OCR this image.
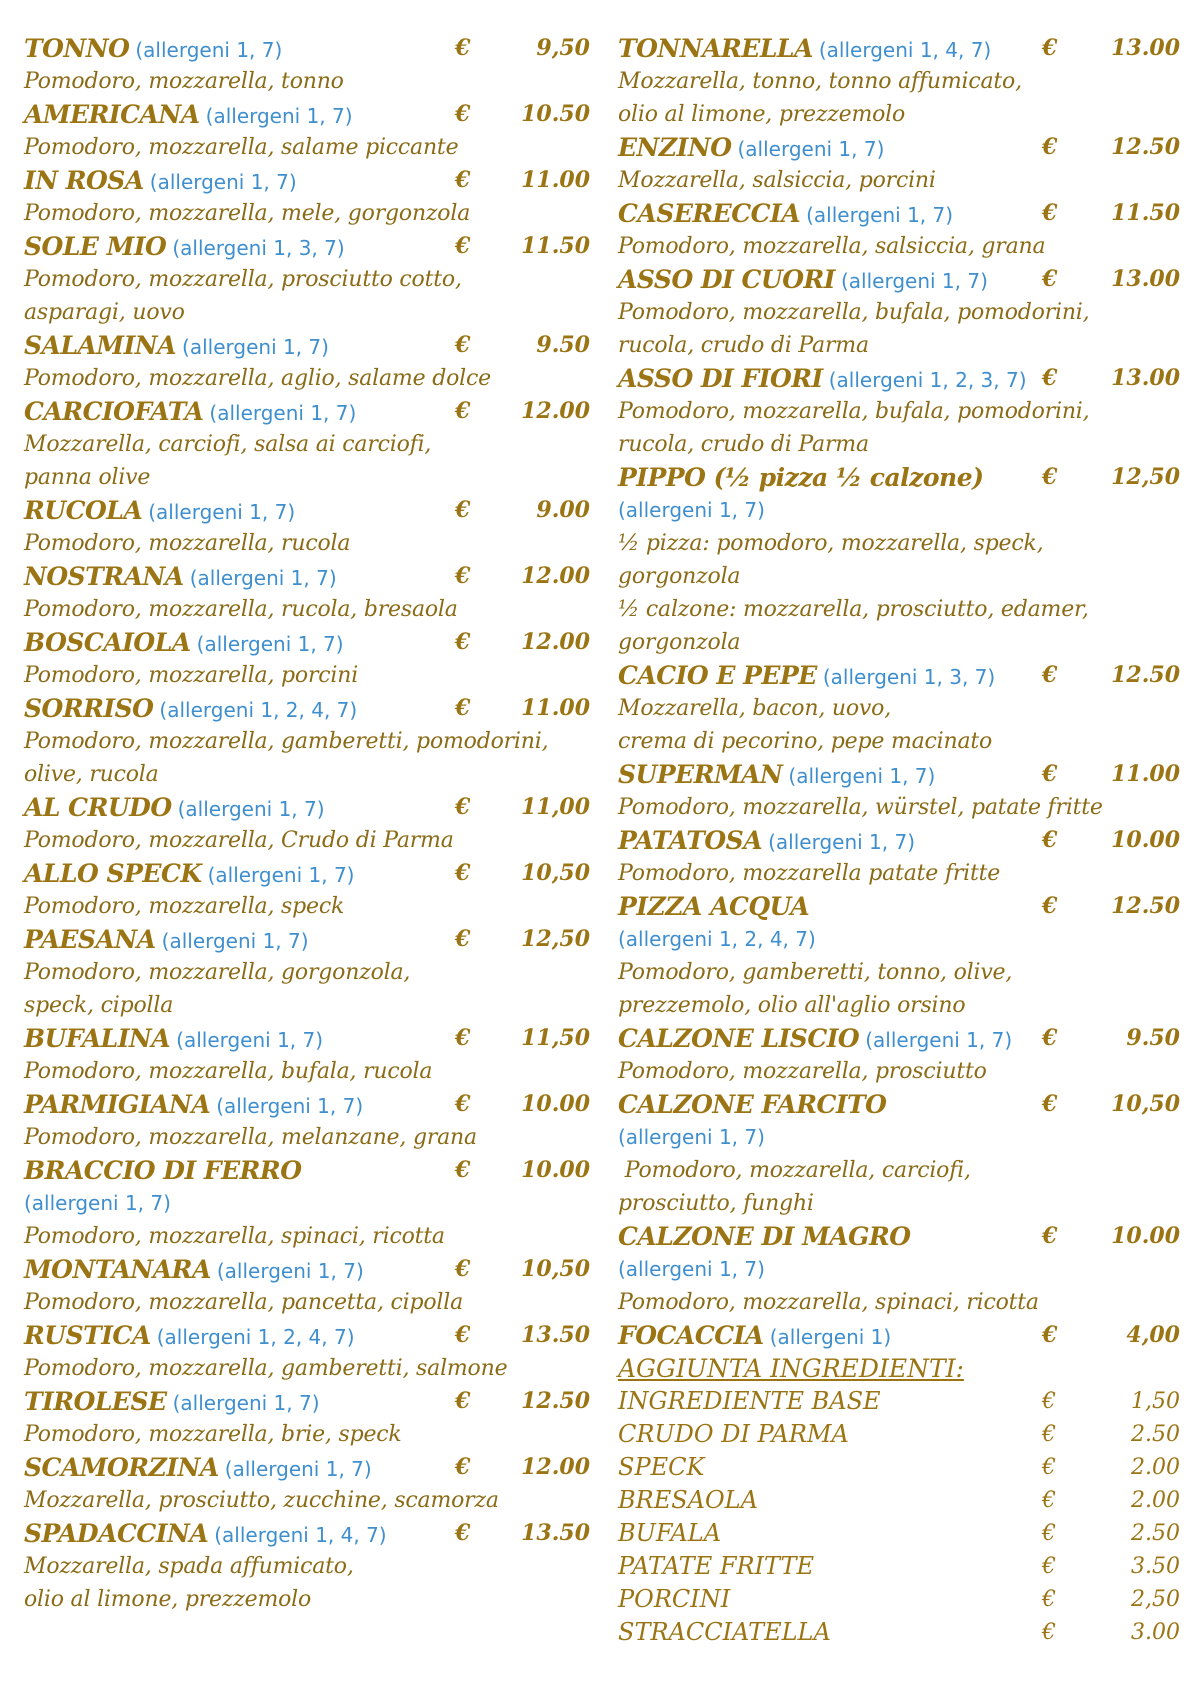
TONNO (allergeni 1, 7)	€	9,50
Pomodoro, mozzarella, tonno
AMERICANA (allergeni 1, 7)	€	10.50
Pomodoro, mozzarella, salame piccante
IN ROSA (allergeni 1, 7)	€	11.00
Pomodoro, mozzarella, mele, gorgonzola
SOLE MIO (allergeni 1, 3, 7)	€	11.50
Pomodoro, mozzarella, prosciutto cotto,
asparagi, uovo
SALAMINA (allergeni 1, 7)	€	9.50
Pomodoro, mozzarella, aglio, salame dolce
CARCIOFATA (allergeni 1, 7)	€	12.00
Mozzarella, carciofi, salsa ai carciofi,
panna olive
RUCOLA (allergeni 1, 7)	€	9.00
Pomodoro, mozzarella, rucola
NOSTRANA (allergeni 1, 7)	€	12.00
Pomodoro, mozzarella, rucola, bresaola
BOSCAIOLA (allergeni 1, 7)	€	12.00
Pomodoro, mozzarella, porcini
SORRISO (allergeni 1, 2, 4, 7)	€	11.00
Pomodoro, mozzarella, gamberetti, pomodorini,
olive, rucola
AL CRUDO (allergeni 1, 7)	€	11,00
Pomodoro, mozzarella, Crudo di Parma
ALLO SPECK (allergeni 1, 7)	€	10,50
Pomodoro, mozzarella, speck
PAESANA (allergeni 1, 7)	€	12,50
Pomodoro, mozzarella, gorgonzola,
speck, cipolla
BUFALINA (allergeni 1, 7)	€	11,50
Pomodoro, mozzarella, bufala, rucola
PARMIGIANA (allergeni 1, 7)	€	10.00
Pomodoro, mozzarella, melanzane, grana
BRACCIO DI FERRO	€	10.00
(allergeni 1, 7)
Pomodoro, mozzarella, spinaci, ricotta
MONTANARA (allergeni 1, 7)	€	10,50
Pomodoro, mozzarella, pancetta, cipolla
RUSTICA (allergeni 1, 2, 4, 7)	€	13.50
Pomodoro, mozzarella, gamberetti, salmone
TIROLESE (allergeni 1, 7)	€	12.50
Pomodoro, mozzarella, brie, speck
SCAMORZINA (allergeni 1, 7)	€	12.00
Mozzarella, prosciutto, zucchine, scamorza
SPADACCINA (allergeni 1, 4, 7)	€	13.50
Mozzarella, spada affumicato,
olio al limone, prezzemolo
TONNARELLA (allergeni 1, 4, 7) €	13.00
Mozzarella, tonno, tonno affumicato,
olio al limone, prezzemolo
ENZINO (allergeni 1, 7)	€	12.50
Mozzarella, salsiccia, porcini
CASERECCIA (allergeni 1, 7)	€	11.50
Pomodoro, mozzarella, salsiccia, grana
ASSO DI CUORI (allergeni 1, 7) €	13.00
Pomodoro, mozzarella, bufala, pomodorini,
rucola, crudo di Parma
ASSO DI FIORI (allergeni 1, 2, 3, 7) €	13.00
Pomodoro, mozzarella, bufala, pomodorini,
rucola, crudo di Parma
PIPPO (½ pizza ½ calzone)	€	12,50
(allergeni 1, 7)
½ pizza: pomodoro, mozzarella, speck,
gorgonzola
½ calzone: mozzarella, prosciutto, edamer,
gorgonzola
CACIO E PEPE (allergeni 1, 3, 7) €	12.50
Mozzarella, bacon, uovo,
crema di pecorino, pepe macinato
SUPERMAN (allergeni 1, 7)	€	11.00
Pomodoro, mozzarella, würstel, patate fritte
PATATOSA (allergeni 1, 7)	€	10.00
Pomodoro, mozzarella patate fritte
PIZZA ACQUA	€	12.50
(allergeni 1, 2, 4, 7)
Pomodoro, gamberetti, tonno, olive,
prezzemolo, olio all'aglio orsino
CALZONE LISCIO (allergeni 1, 7) €	9.50
Pomodoro, mozzarella, prosciutto
CALZONE FARCITO	€	10,50
(allergeni 1, 7)
Pomodoro, mozzarella, carciofi,
prosciutto, funghi
CALZONE DI MAGRO	€	10.00
(allergeni 1, 7)
Pomodoro, mozzarella, spinaci, ricotta
FOCACCIA (allergeni 1)	€	4,00
AGGIUNTA INGREDIENTI:
INGREDIENTE BASE	€	1,50
CRUDO DI PARMA	€	2.50
SPECK	€	2.00
BRESAOLA	€	2.00
BUFALA	€	2.50
PATATE FRITTE	€	3.50
PORCINI	€	2,50
STRACCIATELLA	€	3.00
